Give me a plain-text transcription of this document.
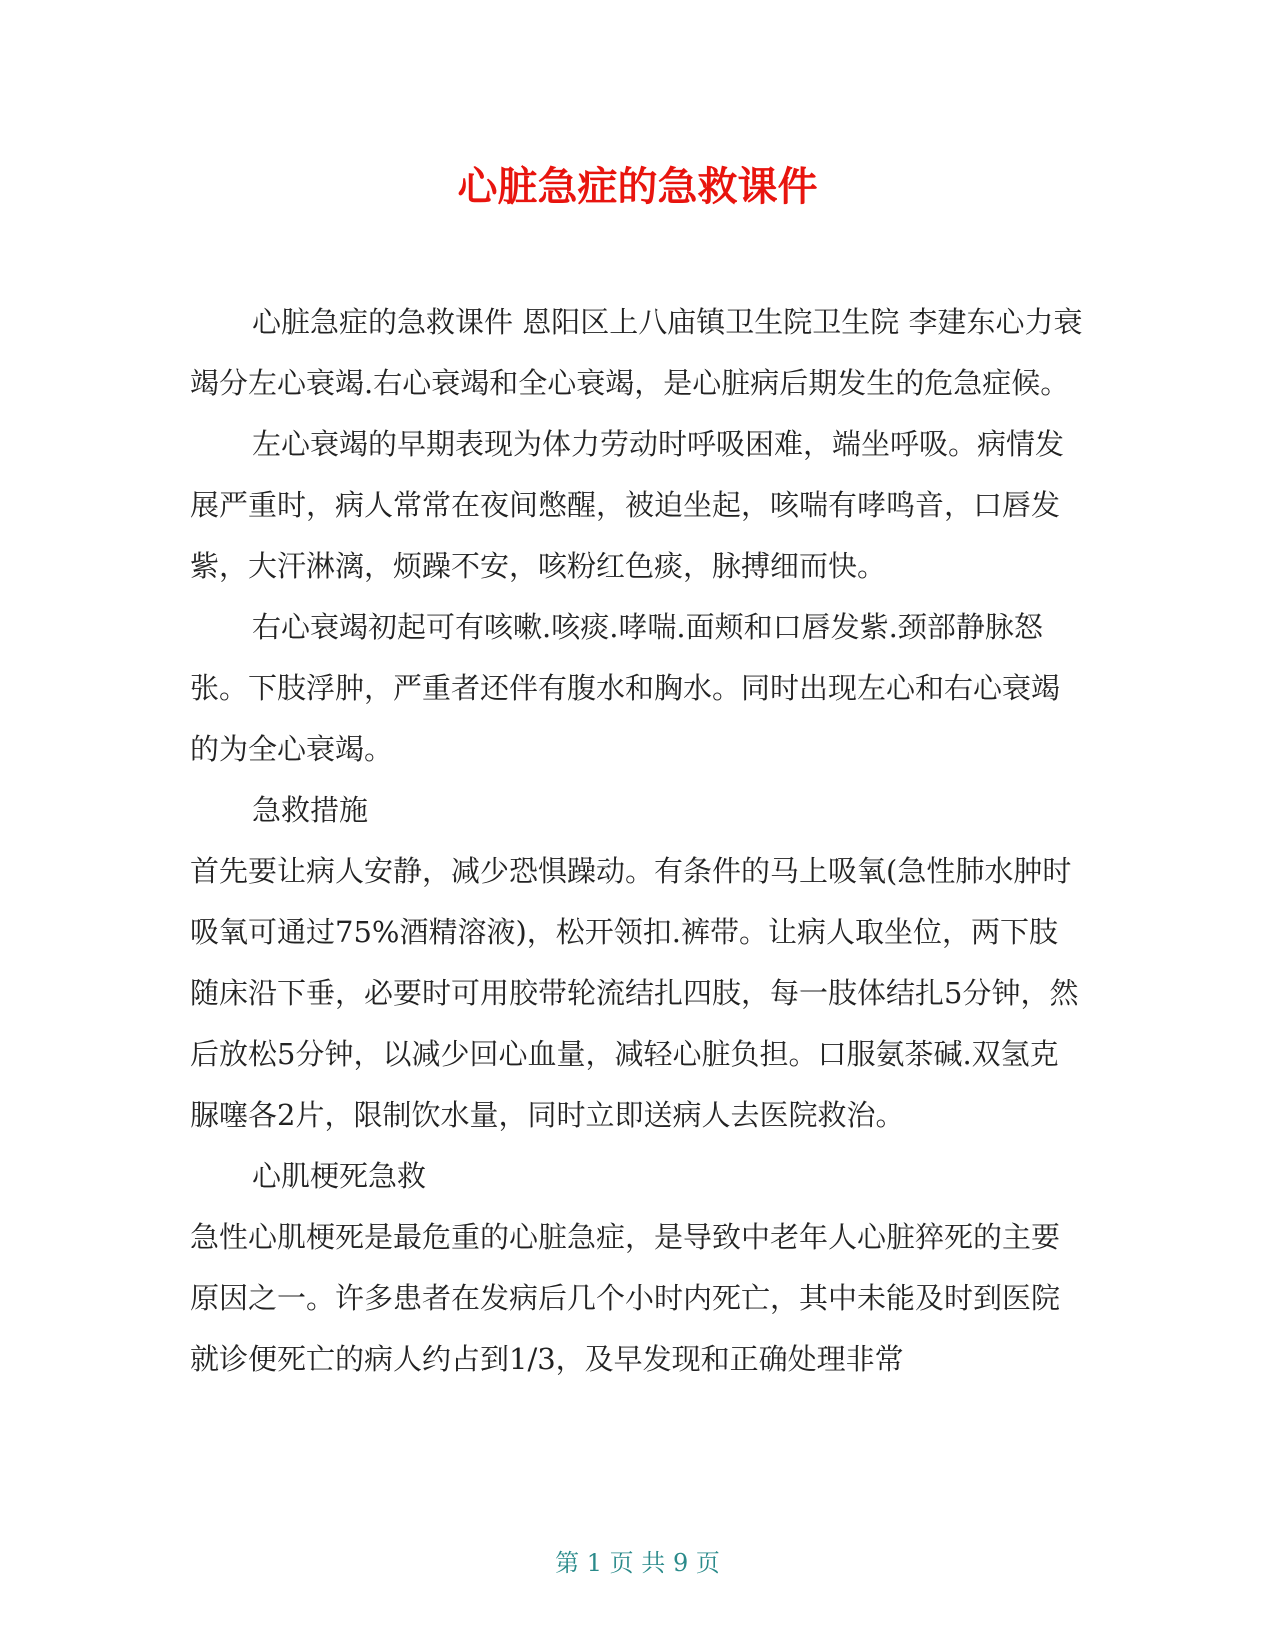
心脏急症的急救课件

心脏急症的急救课件 恩阳区上八庙镇卫生院卫生院 李建东心力衰竭分左心衰竭.右心衰竭和全心衰竭，是心脏病后期发生的危急症候。

左心衰竭的早期表现为体力劳动时呼吸困难，端坐呼吸。病情发展严重时，病人常常在夜间憋醒，被迫坐起，咳喘有哮鸣音，口唇发紫，大汗淋漓，烦躁不安，咳粉红色痰，脉搏细而快。

右心衰竭初起可有咳嗽.咳痰.哮喘.面颊和口唇发紫.颈部静脉怒张。下肢浮肿，严重者还伴有腹水和胸水。同时出现左心和右心衰竭的为全心衰竭。

急救措施

首先要让病人安静，减少恐惧躁动。有条件的马上吸氧(急性肺水肿时吸氧可通过75%酒精溶液)，松开领扣.裤带。让病人取坐位，两下肢随床沿下垂，必要时可用胶带轮流结扎四肢，每一肢体结扎5分钟，然后放松5分钟，以减少回心血量，减轻心脏负担。口服氨茶碱.双氢克脲噻各2片，限制饮水量，同时立即送病人去医院救治。

心肌梗死急救

急性心肌梗死是最危重的心脏急症，是导致中老年人心脏猝死的主要原因之一。许多患者在发病后几个小时内死亡，其中未能及时到医院就诊便死亡的病人约占到1/3，及早发现和正确处理非常

第 1 页 共 9 页
